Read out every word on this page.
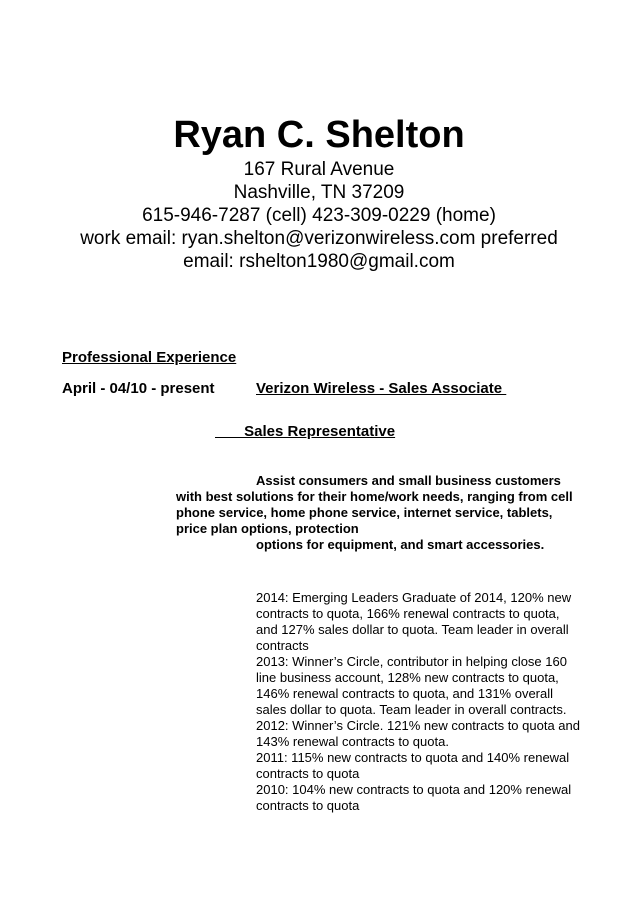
Ryan C. Shelton
167 Rural Avenue
Nashville, TN 37209
615-946-7287 (cell) 423-309-0229 (home)
work email: ryan.shelton@verizonwireless.com preferred
email: rshelton1980@gmail.com
Professional Experience
April - 04/10 - present	Verizon Wireless - Sales Associate
Sales Representative

Assist consumers and small business customers

with best solutions for their home/work needs, ranging from cell phone service, home phone service, internet service, tablets, price plan options, protection

options for equipment, and smart accessories.

2014: Emerging Leaders Graduate of 2014, 120% new contracts to quota, 166% renewal contracts to quota, and 127% sales dollar to quota. Team leader in overall contracts

2013: Winner’s Circle, contributor in helping close 160 line business account, 128% new contracts to quota, 146% renewal contracts to quota, and 131% overall sales dollar to quota. Team leader in overall contracts.

2012: Winner’s Circle. 121% new contracts to quota and 143% renewal contracts to quota.

2011: 115% new contracts to quota and 140% renewal contracts to quota

2010: 104% new contracts to quota and 120% renewal contracts to quota
